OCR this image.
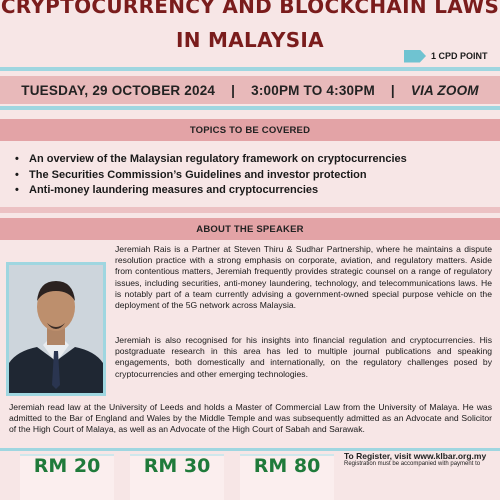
CRYPTOCURRENCY AND BLOCKCHAIN LAWS
IN MALAYSIA
1 CPD POINT
TUESDAY, 29 OCTOBER 2024 | 3:00PM TO 4:30PM | VIA ZOOM
TOPICS TO BE COVERED
• An overview of the Malaysian regulatory framework on cryptocurrencies
• The Securities Commission’s Guidelines and investor protection
• Anti-money laundering measures and cryptocurrencies
ABOUT THE SPEAKER
Jeremiah Rais is a Partner at Steven Thiru & Sudhar Partnership, where he maintains a dispute resolution practice with a strong emphasis on corporate, aviation, and regulatory matters. Aside from contentious matters, Jeremiah frequently provides strategic counsel on a range of regulatory issues, including securities, anti-money laundering, technology, and telecommunications laws. He is notably part of a team currently advising a government-owned special purpose vehicle on the deployment of the 5G network across Malaysia.
Jeremiah is also recognised for his insights into financial regulation and cryptocurrencies. His postgraduate research in this area has led to multiple journal publications and speaking engagements, both domestically and internationally, on the regulatory challenges posed by cryptocurrencies and other emerging technologies.
Jeremiah read law at the University of Leeds and holds a Master of Commercial Law from the University of Malaya. He was admitted to the Bar of England and Wales by the Middle Temple and was subsequently admitted as an Advocate and Solicitor of the High Court of Malaya, as well as an Advocate of the High Court of Sabah and Sarawak.
RM 20	RM 30	RM 80	To Register, visit www.klbar.org.my
Registration must be accompanied with payment to
